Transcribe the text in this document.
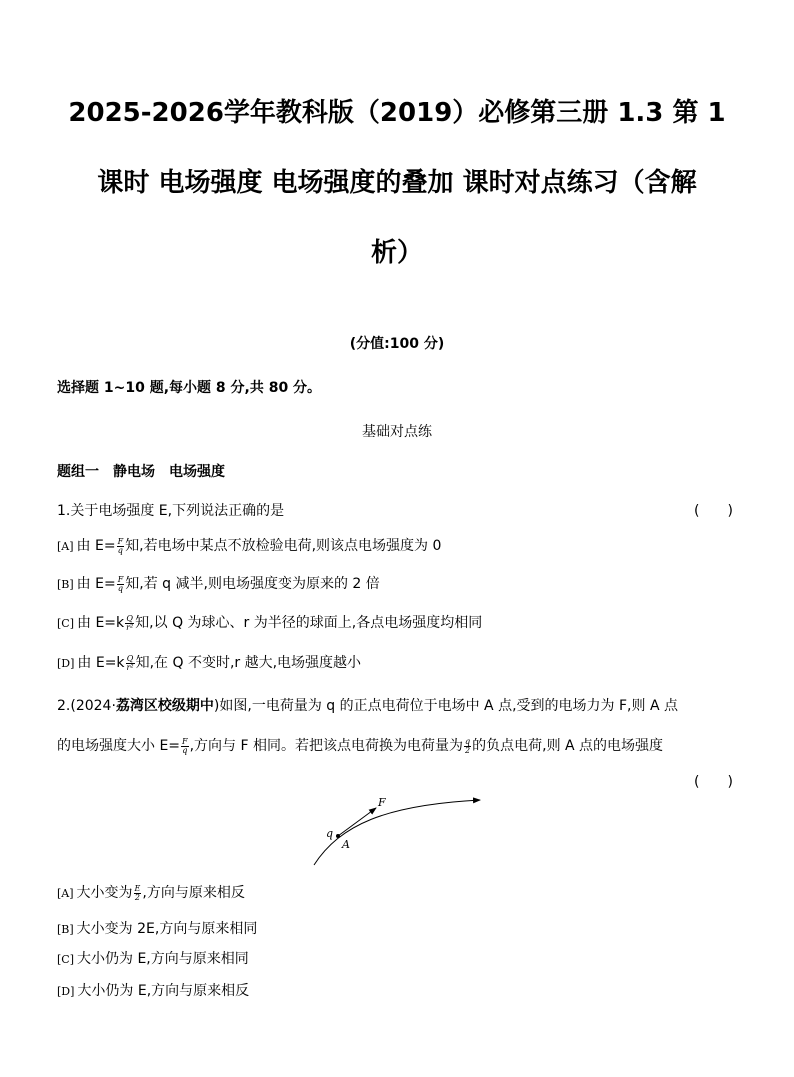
2025-2026学年教科版（2019）必修第三册 1.3 第 1
课时 电场强度 电场强度的叠加 课时对点练习（含解
析）
(分值:100 分)
选择题 1~10 题,每小题 8 分,共 80 分。
基础对点练
题组一　静电场　电场强度
1.关于电场强度 E,下列说法正确的是	(　　)
[A] 由 $E= \frac{F}{q}$ 知,若电场中某点不放检验电荷,则该点电场强度为 0
[B] 由 $E= \frac{F}{q}$ 知,若 q 减半,则电场强度变为原来的 2 倍
[C] 由 $E=k \frac{Q}{\text{r²}}$ 知,以 Q 为球心、r 为半径的球面上,各点电场强度均相同
[D] 由 $E=k \frac{Q}{\text{r²}}$ 知,在 Q 不变时,r 越大,电场强度越小
2.(2024·荔湾区校级期中)如图,一电荷量为 q 的正点电荷位于电场中 A 点,受到的电场力为 F,则 A 点
的电场强度大小 $E= \frac{F}{q}$ ,方向与 F 相同。若把该点电荷换为电荷量为 $\frac{q}{2}$ 的负点电荷,则 A 点的电场强度
(　　)
F
q
A
[A] 大小变为 $\frac{E}{2}$ ,方向与原来相反
[B] 大小变为 2E,方向与原来相同
[C] 大小仍为 E,方向与原来相同
[D] 大小仍为 E,方向与原来相反
